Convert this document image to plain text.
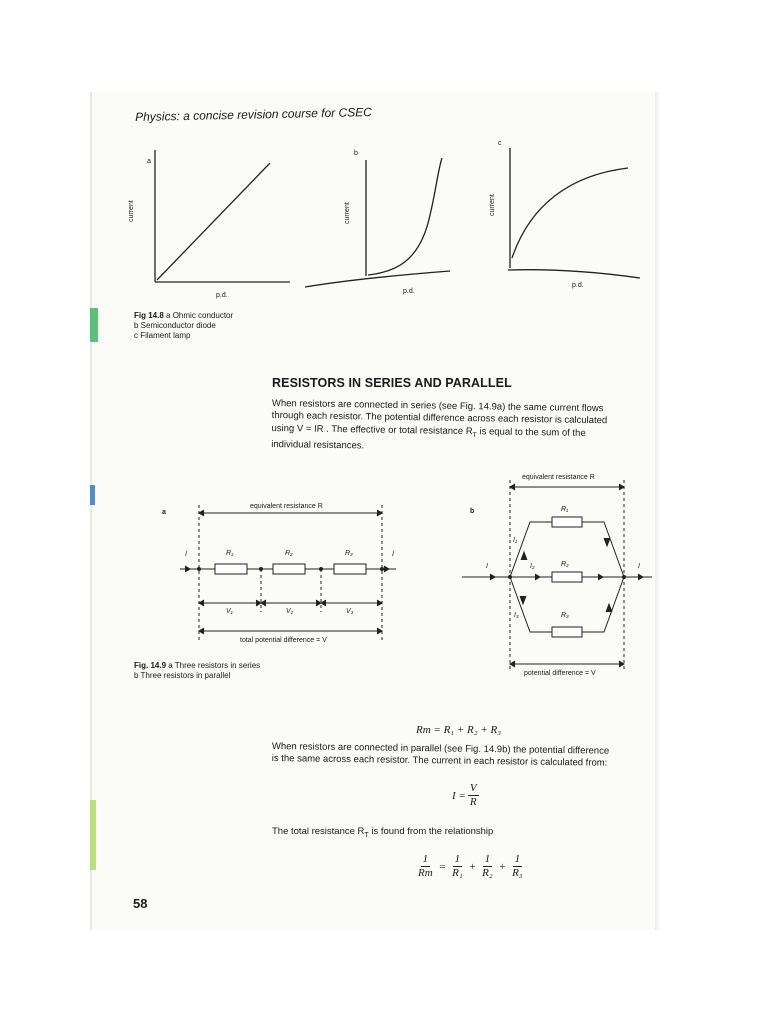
Physics: a concise revision course for CSEC
a
b
c
current	current	current
p.d.
p.d.
p.d.
Fig 14.8 a Ohmic conductor
b Semiconductor diode
c Filament lamp
RESISTORS IN SERIES AND PARALLEL
When resistors are connected in series (see Fig. 14.9a) the same current flows
through each resistor. The potential difference across each resistor is calculated
using V = IR . The effective or total resistance $R_T$ is equal to the sum of the
individual resistances.
a
equivalent resistance R
I	I
R₁	R₂	R₃
V₁	V₂	V₃
total potential difference = V
b
equivalent resistance R
I	I
R₁
R₂
R₃
I₁
I₂
I₃
potential difference = V
Fig. 14.9 a Three resistors in series
b Three resistors in parallel
Rт = R₁ + R₂ + R₃
When resistors are connected in parallel (see Fig. 14.9b) the potential difference
is the same across each resistor. The current in each resistor is calculated from:
$I = \frac{V}{R}$
The total resistance $R_T$ is found from the relationship
$\frac{1}{Rт} = \frac{1}{\text{R₁}} + \frac{1}{\text{R₂}} + \frac{1}{\text{R₃}}$
58
